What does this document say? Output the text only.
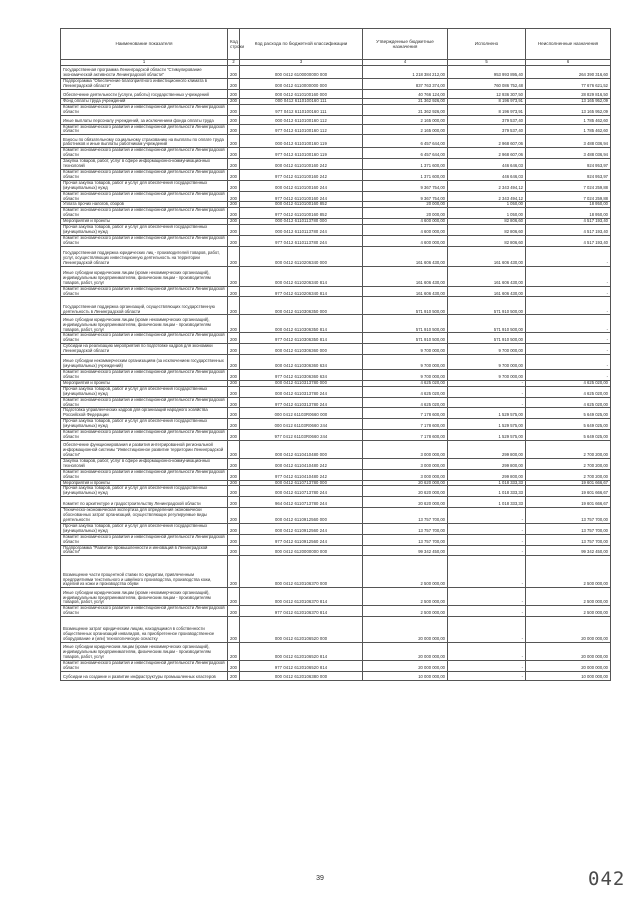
Наименование показателя	Код строки	Код расхода по бюджетной классификации	Утвержденные бюджетные назначения	Исполнено	Неисполненные назначения
1	2	3	4	5	6
Государственная программа Ленинградской области "Стимулирование экономической активности Ленинградской области"	200	000 0412 6100000000 000	1 218 384 212,00	953 993 895,40	264 390 316,60
Подпрограмма "Обеспечение благоприятного инвестиционного климата в Ленинградской области"	200	000 0412 6110000000 000	837 763 374,00	760 086 752,48	77 676 621,52
Обеспечение деятельности (услуги, работы) государственных учреждений	200	000 0412 6110100160 000	40 766 124,00	12 936 307,50	28 829 816,50
Фонд оплаты труда учреждений	200	000 0412 6110100160 111	21 362 926,00	8 196 973,91	13 165 952,09
Комитет экономического развития и инвестиционной деятельности Ленинградской области	200	977 0412 6110100160 111	21 362 926,00	8 196 973,91	13 165 952,09
Иные выплаты персоналу учреждений, за исключением фонда оплаты труда	200	000 0412 6110100160 112	2 165 000,00	379 537,40	1 785 462,60
Комитет экономического развития и инвестиционной деятельности Ленинградской области	200	977 0412 6110100160 112	2 165 000,00	379 537,40	1 785 462,60
Взносы по обязательному социальному страхованию на выплаты по оплате труда работников и иные выплаты работникам учреждений	200	000 0412 6110100160 119	6 457 644,00	2 968 607,06	3 488 036,94
Комитет экономического развития и инвестиционной деятельности Ленинградской области	200	977 0412 6110100160 119	6 457 644,00	2 968 607,06	3 488 036,94
Закупка товаров, работ, услуг в сфере информационно-коммуникационных технологий	200	000 0412 6110100160 242	1 371 600,00	446 646,03	924 953,97
Комитет экономического развития и инвестиционной деятельности Ленинградской области	200	977 0412 6110100160 242	1 371 600,00	446 646,03	924 953,97
Прочая закупка товаров, работ и услуг для обеспечения государственных (муниципальных) нужд	200	000 0412 6110100160 244	9 367 754,00	2 343 494,12	7 024 259,88
Комитет экономического развития и инвестиционной деятельности Ленинградской области	200	977 0412 6110100160 244	9 367 754,00	2 343 494,12	7 024 259,88
Уплата прочих налогов, сборов	200	000 0412 6110100160 852	20 000,00	1 050,00	18 950,00
Комитет экономического развития и инвестиционной деятельности Ленинградской области	200	977 0412 6110100160 852	20 000,00	1 050,00	18 950,00
Мероприятия и проекты	200	000 0412 6110113780 000	4 600 000,00	82 806,60	4 517 193,40
Прочая закупка товаров, работ и услуг для обеспечения государственных (муниципальных) нужд	200	000 0412 6110113780 244	4 600 000,00	82 806,60	4 517 193,40
Комитет экономического развития и инвестиционной деятельности Ленинградской области	200	977 0412 6110113780 244	4 600 000,00	82 806,60	4 517 193,40
Государственная поддержка юридических лиц - производителей товаров, работ, услуг, осуществляющих инвестиционную деятельность на территории Ленинградской области	200	000 0412 6110206340 000	161 606 430,00	161 606 430,00	-
Иные субсидии юридическим лицам (кроме некоммерческих организаций), индивидуальным предпринимателям, физическим лицам - производителям товаров, работ, услуг	200	000 0412 6110206340 814	161 606 430,00	161 606 430,00	-
Комитет экономического развития и инвестиционной деятельности Ленинградской области	200	977 0412 6110206340 814	161 606 430,00	161 606 430,00	-
Государственная поддержка организаций, осуществляющих государственную деятельность в Ленинградской области	200	000 0412 6110306350 000	571 910 500,00	571 910 500,00	-
Иные субсидии юридическим лицам (кроме некоммерческих организаций), индивидуальным предпринимателям, физическим лицам - производителям товаров, работ, услуг	200	000 0412 6110306350 814	571 910 500,00	571 910 500,00	-
Комитет экономического развития и инвестиционной деятельности Ленинградской области	200	977 0412 6110306350 814	571 910 500,00	571 910 500,00	-
Субсидии на реализацию мероприятий по подготовке кадров для экономики Ленинградской области	200	000 0412 6110306360 000	9 700 000,00	9 700 000,00	-
Иные субсидии некоммерческим организациям (за исключением государственных (муниципальных) учреждений)	200	000 0412 6110306360 634	9 700 000,00	9 700 000,00	-
Комитет экономического развития и инвестиционной деятельности Ленинградской области	200	977 0412 6110306360 634	9 700 000,00	9 700 000,00	-
Мероприятия и проекты	200	000 0412 6110313780 000	4 625 020,00	-	4 625 020,00
Прочая закупка товаров, работ и услуг для обеспечения государственных (муниципальных) нужд	200	000 0412 6110313780 244	4 625 020,00	-	4 625 020,00
Комитет экономического развития и инвестиционной деятельности Ленинградской области	200	977 0412 6110313780 244	4 625 020,00	-	4 625 020,00
Подготовка управленческих кадров для организаций народного хозяйства Российской Федерации	200	000 0412 61103R0660 000	7 178 600,00	1 529 575,00	5 649 025,00
Прочая закупка товаров, работ и услуг для обеспечения государственных (муниципальных) нужд	200	000 0412 61103R0660 244	7 178 600,00	1 529 575,00	5 649 025,00
Комитет экономического развития и инвестиционной деятельности Ленинградской области	200	977 0412 61103R0660 244	7 178 600,00	1 529 575,00	5 649 025,00
Обеспечение функционирования и развития интегрированной региональной информационной системы "Инвестиционное развитие территории Ленинградской области"	200	000 0412 6110410480 000	3 000 000,00	299 800,00	2 700 200,00
Закупка товаров, работ, услуг в сфере информационно-коммуникационных технологий	200	000 0412 6110410480 242	3 000 000,00	299 800,00	2 700 200,00
Комитет экономического развития и инвестиционной деятельности Ленинградской области	200	977 0412 6110410480 242	3 000 000,00	299 800,00	2 700 200,00
Мероприятия и проекты	200	000 0412 6110713780 000	20 620 000,00	1 018 333,33	19 601 666,67
Прочая закупка товаров, работ и услуг для обеспечения государственных (муниципальных) нужд	200	000 0412 6110713780 244	20 620 000,00	1 018 333,33	19 601 666,67
Комитет по архитектуре и градостроительству Ленинградской области	200	964 0412 6110713780 244	20 620 000,00	1 018 333,33	19 601 666,67
Техническо-экономическая экспертиза для определения экономически обоснованных затрат организаций, осуществляющих регулируемые виды деятельности	200	000 0412 6110912560 000	13 757 700,00	-	13 757 700,00
Прочая закупка товаров, работ и услуг для обеспечения государственных (муниципальных) нужд	200	000 0412 6110912560 244	13 757 700,00	-	13 757 700,00
Комитет экономического развития и инвестиционной деятельности Ленинградской области	200	977 0412 6110912560 244	13 757 700,00	-	13 757 700,00
Подпрограмма "Развитие промышленности и инноваций в Ленинградской области"	200	000 0412 6120000000 000	99 342 450,00	-	99 342 450,00
Возмещение части процентной ставки по кредитам, привлеченным предприятиями текстильного и швейного производства, производства кожи, изделий из кожи и производства обуви	200	000 0412 6120106370 000	2 500 000,00	-	2 500 000,00
Иные субсидии юридическим лицам (кроме некоммерческих организаций), индивидуальным предпринимателям, физическим лицам - производителям товаров, работ, услуг	200	000 0412 6120106370 814	2 500 000,00	-	2 500 000,00
Комитет экономического развития и инвестиционной деятельности Ленинградской области	200	977 0412 6120106370 814	2 500 000,00	-	2 500 000,00
Возмещение затрат юридическим лицам, находящимся в собственности общественных организаций инвалидов, на приобретенное производственное оборудование и (или) технологическую оснастку	200	000 0412 6120106520 000	20 000 000,00	-	20 000 000,00
Иные субсидии юридическим лицам (кроме некоммерческих организаций), индивидуальным предпринимателям, физическим лицам - производителям товаров, работ, услуг	200	000 0412 6120106520 814	20 000 000,00	-	20 000 000,00
Комитет экономического развития и инвестиционной деятельности Ленинградской области	200	977 0412 6120106520 814	20 000 000,00	-	20 000 000,00
Субсидии на создание и развитие инфраструктуры промышленных кластеров	200	000 0412 6120106380 000	10 000 000,00	-	10 000 000,00
39	042
